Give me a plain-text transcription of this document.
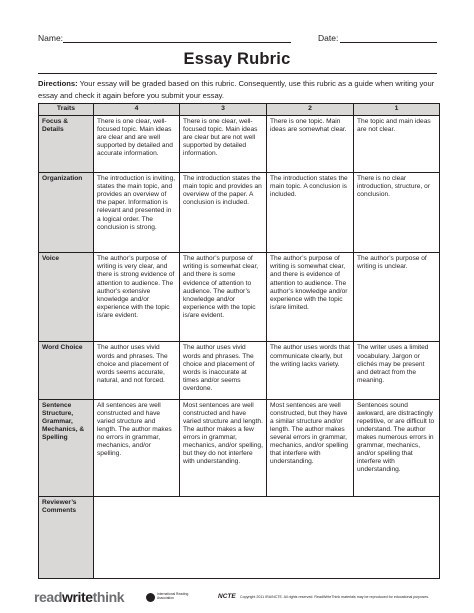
Name:	Date:
Essay Rubric
Directions: Your essay will be graded based on this rubric. Consequently, use this rubric as a guide when writing your essay and check it again before you submit your essay.
Traits	4	3	2	1
Focus & Details	There is one clear, well-focused topic. Main ideas are clear and are well supported by detailed and accurate information.	There is one clear, well-focused topic. Main ideas are clear but are not well supported by detailed information.	There is one topic. Main ideas are somewhat clear.	The topic and main ideas are not clear.
Organization	The introduction is inviting, states the main topic, and provides an overview of the paper. Information is relevant and presented in a logical order. The conclusion is strong.	The introduction states the main topic and provides an overview of the paper. A conclusion is included.	The introduction states the main topic. A conclusion is included.	There is no clear introduction, structure, or conclusion.
Voice	The author’s purpose of writing is very clear, and there is strong evidence of attention to audience. The author’s extensive knowledge and/or experience with the topic is/are evident.	The author’s purpose of writing is somewhat clear, and there is some evidence of attention to audience. The author’s knowledge and/or experience with the topic is/are evident.	The author’s purpose of writing is somewhat clear, and there is evidence of attention to audience. The author’s knowledge and/or experience with the topic is/are limited.	The author’s purpose of writing is unclear.
Word Choice	The author uses vivid words and phrases. The choice and placement of words seems accurate, natural, and not forced.	The author uses vivid words and phrases. The choice and placement of words is inaccurate at times and/or seems overdone.	The author uses words that communicate clearly, but the writing lacks variety.	The writer uses a limited vocabulary. Jargon or clichés may be present and detract from the meaning.
Sentence Structure, Grammar, Mechanics, & Spelling	All sentences are well constructed and have varied structure and length. The author makes no errors in grammar, mechanics, and/or spelling.	Most sentences are well constructed and have varied structure and length. The author makes a few errors in grammar, mechanics, and/or spelling, but they do not interfere with understanding.	Most sentences are well constructed, but they have a similar structure and/or length. The author makes several errors in grammar, mechanics, and/or spelling that interfere with understanding.	Sentences sound awkward, are distractingly repetitive, or are difficult to understand. The author makes numerous errors in grammar, mechanics, and/or spelling that interfere with understanding.
Reviewer’s Comments				
readwritethink	International Reading Association	NCTE Copyright 2011 IRA/NCTE. All rights reserved. ReadWriteThink materials may be reproduced for educational purposes.
